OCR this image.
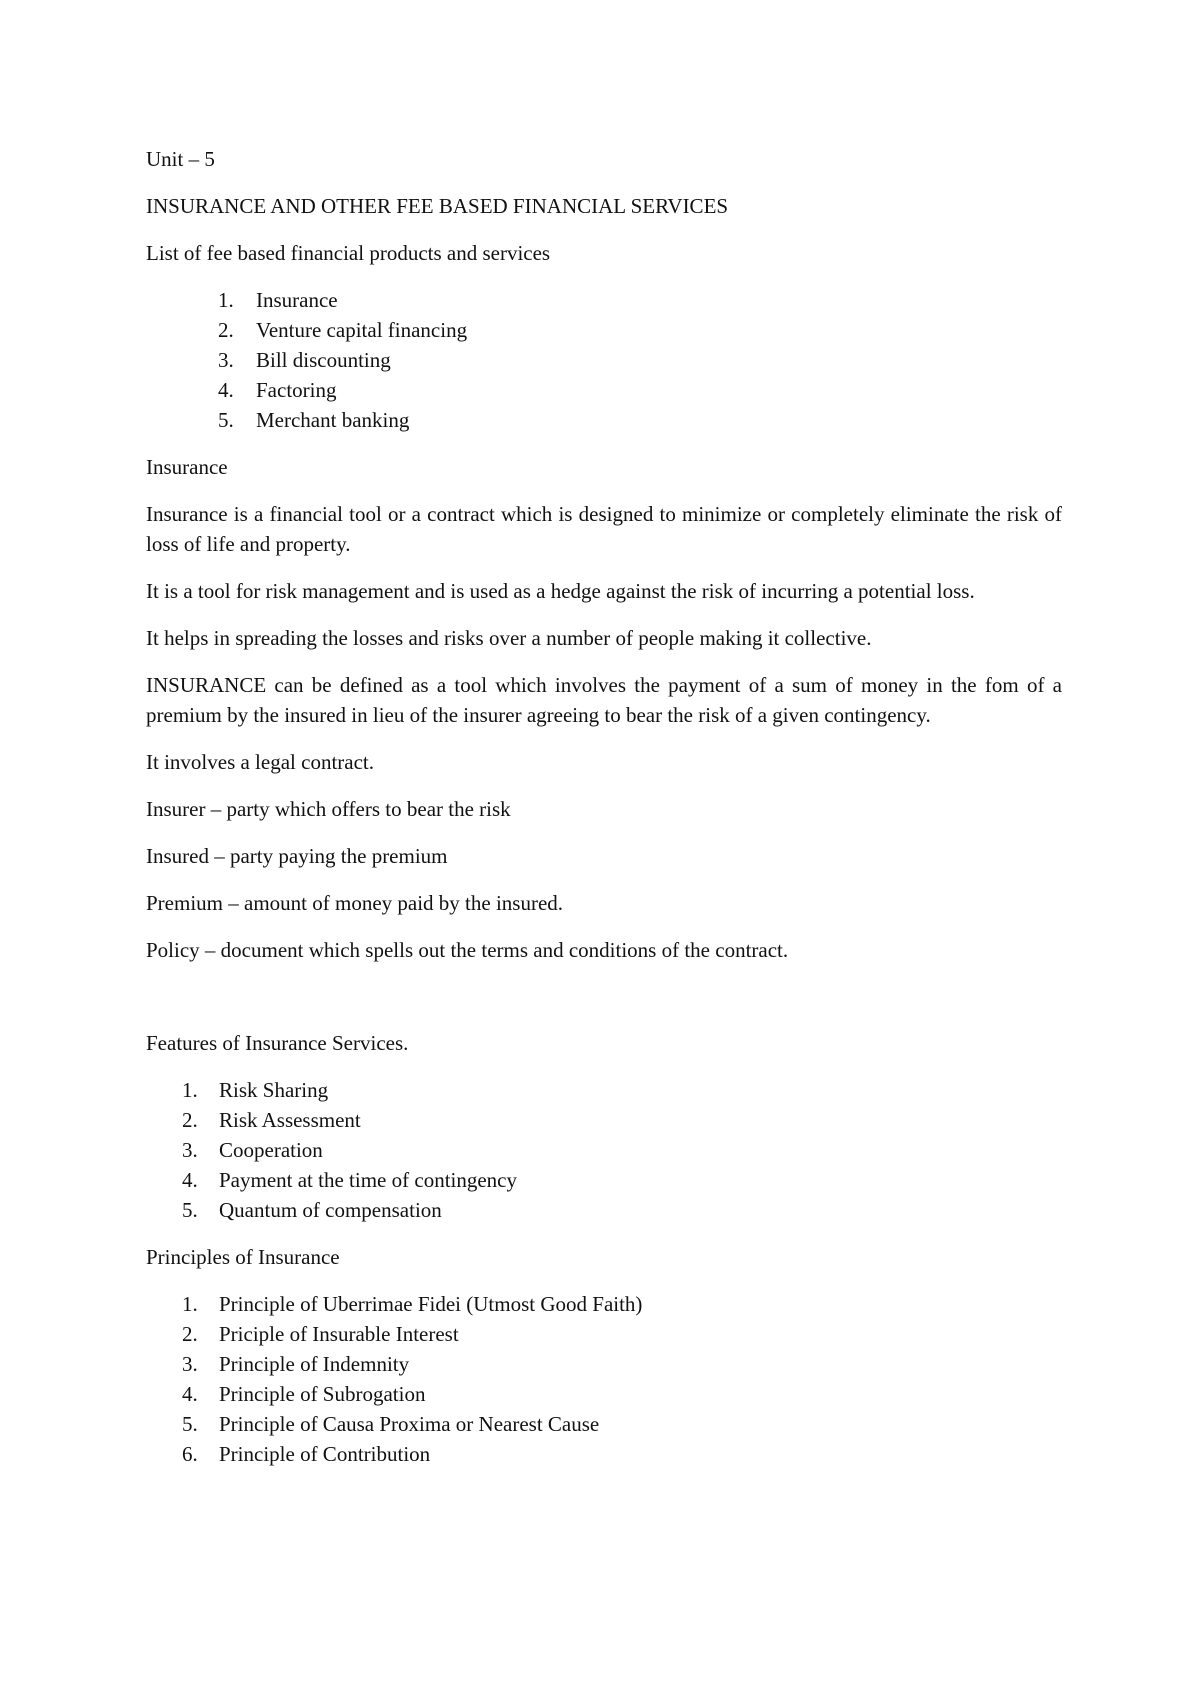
Unit – 5

INSURANCE AND OTHER FEE BASED FINANCIAL SERVICES

List of fee based financial products and services

1.	Insurance
2.	Venture capital financing
3.	Bill discounting
4.	Factoring
5.	Merchant banking

Insurance

Insurance is a financial tool or a contract which is designed to minimize or completely eliminate the risk of loss of life and property.

It is a tool for risk management and is used as a hedge against the risk of incurring a potential loss.

It helps in spreading the losses and risks over a number of people making it collective.

INSURANCE can be defined as a tool which involves the payment of a sum of money in the fom of a premium by the insured in lieu of the insurer agreeing to bear the risk of a given contingency.

It involves a legal contract.

Insurer – party which offers to bear the risk

Insured – party paying the premium

Premium – amount of money paid by the insured.

Policy – document which spells out the terms and conditions of the contract.

Features of Insurance Services.

1.	Risk Sharing
2.	Risk Assessment
3.	Cooperation
4.	Payment at the time of contingency
5.	Quantum of compensation

Principles of Insurance

1.	Principle of Uberrimae Fidei (Utmost Good Faith)
2.	Priciple of Insurable Interest
3.	Principle of Indemnity
4.	Principle of Subrogation
5.	Principle of Causa Proxima or Nearest Cause
6.	Principle of Contribution
